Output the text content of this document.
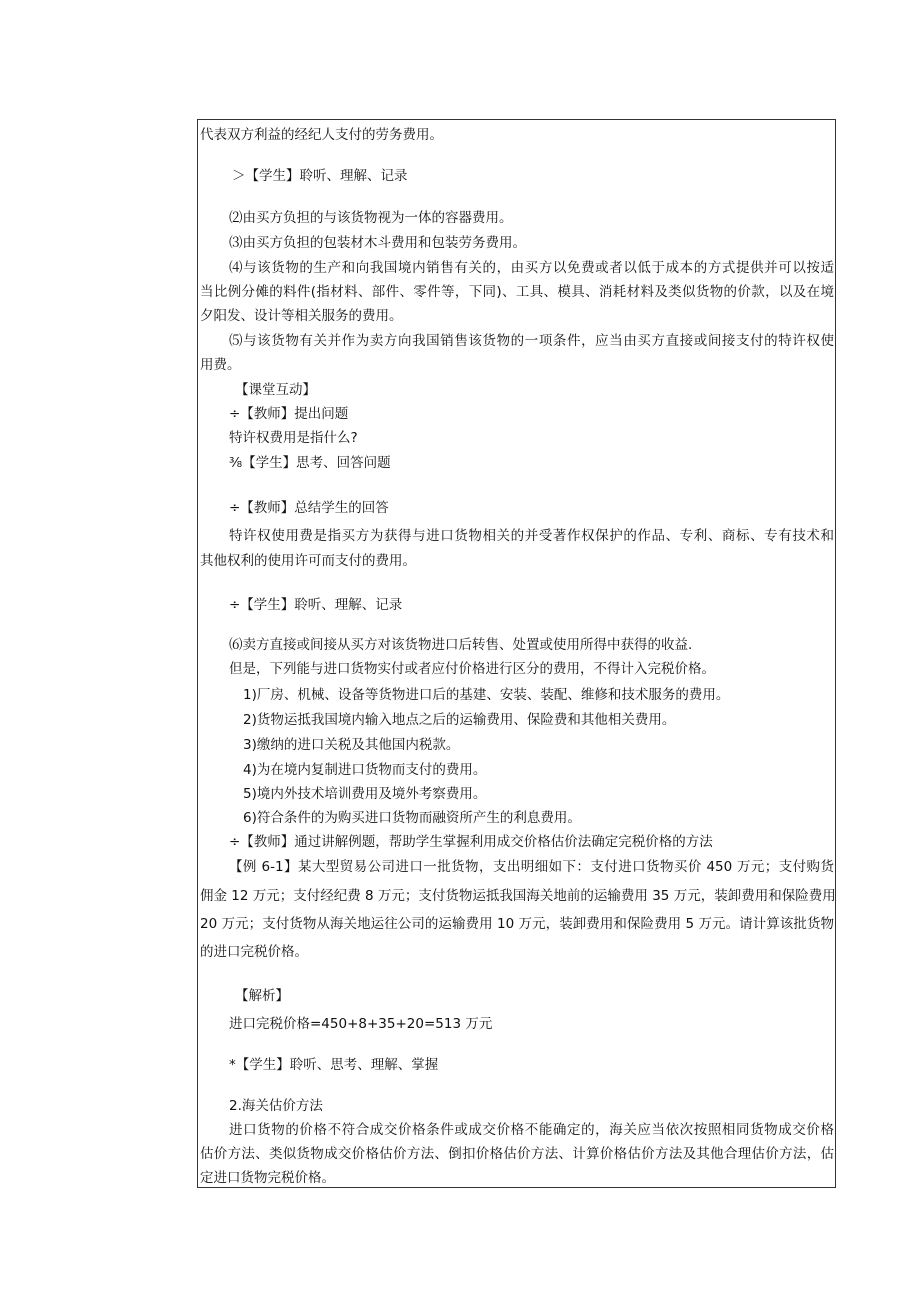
代表双方利益的经纪人支付的劳务费用。
＞【学生】聆听、理解、记录
⑵由买方负担的与该货物视为一体的容器费用。
⑶由买方负担的包装材木斗费用和包装劳务费用。
⑷与该货物的生产和向我国境内销售有关的，由买方以免费或者以低于成本的方式提供并可以按适
当比例分傩的料件(指材料、部件、零件等，下同)、工具、模具、消耗材料及类似货物的价款，以及在境
夕阳发、设计等相关服务的费用。
⑸与该货物有关并作为卖方向我国销售该货物的一项条件，应当由买方直接或间接支付的特许权使
用费。
【课堂互动】
÷【教师】提出问题
特许权费用是指什么?
⅜【学生】思考、回答问题
÷【教师】总结学生的回答
特许权使用费是指买方为获得与进口货物相关的并受著作权保护的作品、专利、商标、专有技术和
其他权利的使用许可而支付的费用。
÷【学生】聆听、理解、记录
⑹卖方直接或间接从买方对该货物进口后转售、处置或使用所得中获得的收益.
但是，下列能与进口货物实付或者应付价格进行区分的费用，不得计入完税价格。
1)厂房、机械、设备等货物进口后的基建、安装、装配、维修和技术服务的费用。
2)货物运抵我国境内输入地点之后的运输费用、保险费和其他相关费用。
3)缴纳的进口关税及其他国内税款。
4)为在境内复制进口货物而支付的费用。
5)境内外技术培训费用及境外考察费用。
6)符合条件的为购买进口货物而融资所产生的利息费用。
÷【教师】通过讲解例题，帮助学生掌握利用成交价格估价法确定完税价格的方法
【例 6-1】某大型贸易公司进口一批货物，支出明细如下：支付进口货物买价 450 万元；支付购货
佣金 12 万元；支付经纪费 8 万元；支付货物运抵我国海关地前的运输费用 35 万元，装卸费用和保险费用
20 万元；支付货物从海关地运往公司的运输费用 10 万元，装卸费用和保险费用 5 万元。请计算该批货物
的进口完税价格。
【解析】
进口完税价格=450+8+35+20=513 万元
*【学生】聆听、思考、理解、掌握
2.海关估价方法
进口货物的价格不符合成交价格条件或成交价格不能确定的，海关应当依次按照相同货物成交价格
估价方法、类似货物成交价格估价方法、倒扣价格估价方法、计算价格估价方法及其他合理估价方法，估
定进口货物完税价格。
